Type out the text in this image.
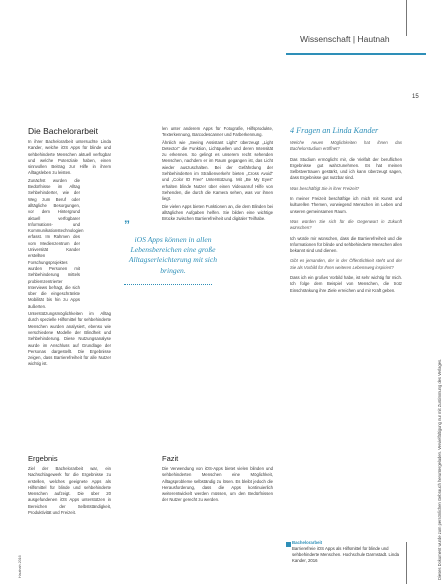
Wissenschaft | Hautnah
15
Die Bachelorarbeit

In ihrer Bachelorarbeit untersuchte Linda Kander, welche iOS Apps für blinde und sehbehinderte Menschen aktuell verfügbar und welche Potenziale haben, einen sinnvollen Beitrag zur Hilfe in ihrem Alltagsleben zu leisten.

Zunächst wurden die Bedürfnisse im Alltag Sehbehinderter, wie der Weg zum Beruf oder alltägliche Besorgungen, vor dem Hintergrund aktuell verfügbarer Informations- und Kommunikationstechnologien erfasst. Im Rahmen des vom Medienzentrum der Universität Kander erstellten Forschungsprojektes wurden Personen mit Sehbehinderung mittels problemzentrierter Interviews befragt, die sich über die eingeschränkte Mobilität bis hin zu Apps äußerten.

Unterstützungsmöglichkeiten im Alltag durch spezielle Hilfsmittel für sehbehinderte Menschen wurden analysiert, ebenso wie verschiedene Modelle der Blindheit und Sehbehinderung. Diese Nutzungsanalyse wurde im Anschluss auf Grundlage der Personas dargestellt. Die Ergebnisse zeigen, dass Barrierefreiheit für alle Nutzer wichtig ist.

Ergebnis

Ziel der Bachelorarbeit war, ein Nachschlagewerk für die Ergebnisse zu erstellen, welches geeignete Apps als Hilfsmittel für blinde und sehbehinderte Menschen aufzeigt. Die über 20 ausgefundenen iOS Apps unterstützen in Bereichen der Selbstständigkeit, Produktivität und Freizeit.

len unter anderem Apps für Fotografie, Hilfsprodukte, Texterkennung, Barcodescanner und Farberkennung.

Ähnlich wie „Seeing Assistant Light" überzeugt „Light Detector" die Funktion, Lichtquellen und deren Intensität zu erkennen. So gelingt es unserem recht sehenden Menschen, nachdem er im Raum gegangen ist, das Licht wieder auszuschalten. Bei der Gefährdung der Sehbehinderten im Straßenverkehr bieten „Cross Avoid" und „Color ID Free" Unterstützung. Mit „Be My Eyes" erhalten blinde Nutzer über einen Videoanruf Hilfe von Sehenden, die durch die Kamera sehen, was vor ihnen liegt.

Die vielen Apps bieten Funktionen an, die dem Blinden bei alltäglichen Aufgaben helfen. Sie bilden eine wichtige Brücke zwischen Barrierefreiheit und digitaler Teilhabe.

Fazit

Die Verwendung von iOS-Apps bietet vielen blinden und sehbehinderten Menschen eine Möglichkeit, Alltagsprobleme selbständig zu lösen. Es bleibt jedoch die Herausforderung, dass die Apps kontinuierlich weiterentwickelt werden müssen, um den Bedürfnissen der Nutzer gerecht zu werden.

”
iOS Apps können in allen Lebensbereichen eine große Alltagserleichterung mit sich bringen.
4 Fragen an Linda Kander

Welche neuen Möglichkeiten hat ihnen das Bachelorstudium eröffnet?

Das Studium ermöglicht mir, die Vielfalt der beruflichen Ergebnisse gut wahrzunehmen. Es hat meinen Selbstvertrauen gestärkt, und ich kann überzeugt sagen, dass Ergebnisse gut nutzbar sind.

Was beschäftigt Sie in ihrer Freizeit?

In meiner Freizeit beschäftige ich mich mit Kunst und kulturellen Themen, vorwiegend Menschen im Leben und unseren gemeinsamen Raum.

Was würden Sie sich für die Gegenwart in Zukunft wünschen?

Ich würde mir wünschen, dass die Barrierefreiheit und die Informationen für blinde und sehbehinderte Menschen allen bekannt sind und dienen.

Gibt es jemanden, der in der Öffentlichkeit steht und der Sie als Vorbild für Ihren weiteren Lebensweg inspiriert?

Dass ich ein großes Vorbild habe, ist sehr wichtig für mich. Ich folge dem Beispiel von Menschen, die trotz Einschränkung ihre Ziele erreichen und mir Kraft geben.

Bachelorarbeit
Barrierefreie iOS Apps als Hilfsmittel für blinde und sehbehinderte Menschen. Hochschule Darmstadt. Linda Kander, 2016	Dieses Dokument wurde zum persönlichen Gebrauch heruntergeladen. Vervielfältigung nur mit Zustimmung des Verlages.
Hautnah 2016
